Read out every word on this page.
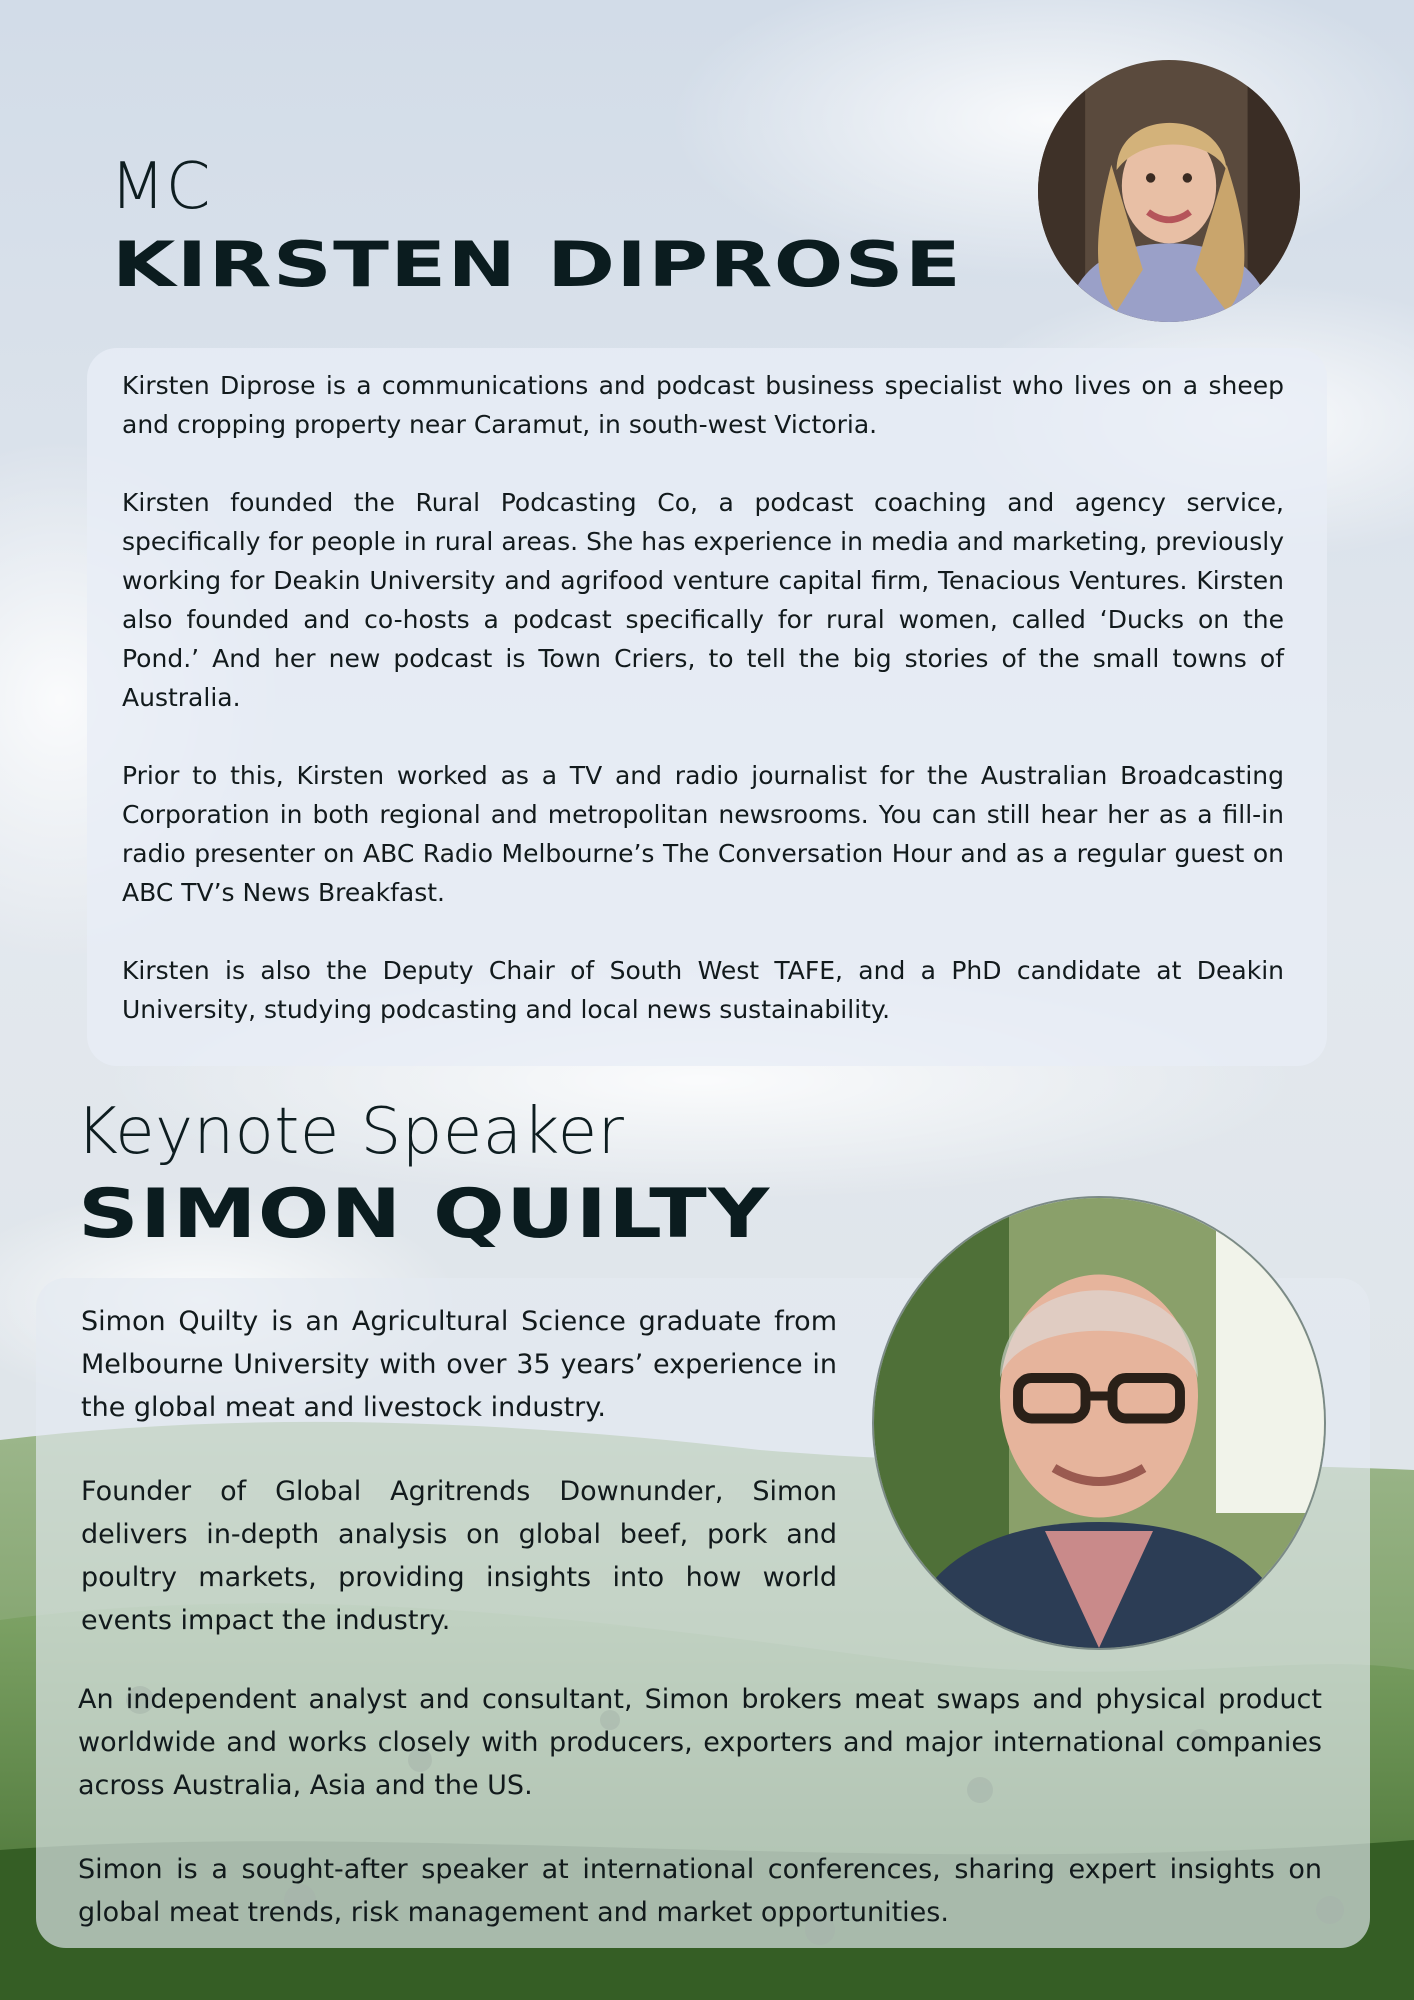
MC
KIRSTEN DIPROSE

Kirsten Diprose is a communications and podcast business specialist who lives on a sheep and cropping property near Caramut, in south-west Victoria.

Kirsten founded the Rural Podcasting Co, a podcast coaching and agency service, specifically for people in rural areas. She has experience in media and marketing, previously working for Deakin University and agrifood venture capital firm, Tenacious Ventures. Kirsten also founded and co-hosts a podcast specifically for rural women, called ‘Ducks on the Pond.’ And her new podcast is Town Criers, to tell the big stories of the small towns of Australia.

Prior to this, Kirsten worked as a TV and radio journalist for the Australian Broadcasting Corporation in both regional and metropolitan newsrooms. You can still hear her as a fill-in radio presenter on ABC Radio Melbourne’s The Conversation Hour and as a regular guest on ABC TV’s News Breakfast.

Kirsten is also the Deputy Chair of South West TAFE, and a PhD candidate at Deakin University, studying podcasting and local news sustainability.

Keynote Speaker
SIMON QUILTY

Simon Quilty is an Agricultural Science graduate from Melbourne University with over 35 years’ experience in the global meat and livestock industry.

Founder of Global Agritrends Downunder, Simon delivers in-depth analysis on global beef, pork and poultry markets, providing insights into how world events impact the industry.

An independent analyst and consultant, Simon brokers meat swaps and physical product worldwide and works closely with producers, exporters and major international companies across Australia, Asia and the US.

Simon is a sought-after speaker at international conferences, sharing expert insights on global meat trends, risk management and market opportunities.
